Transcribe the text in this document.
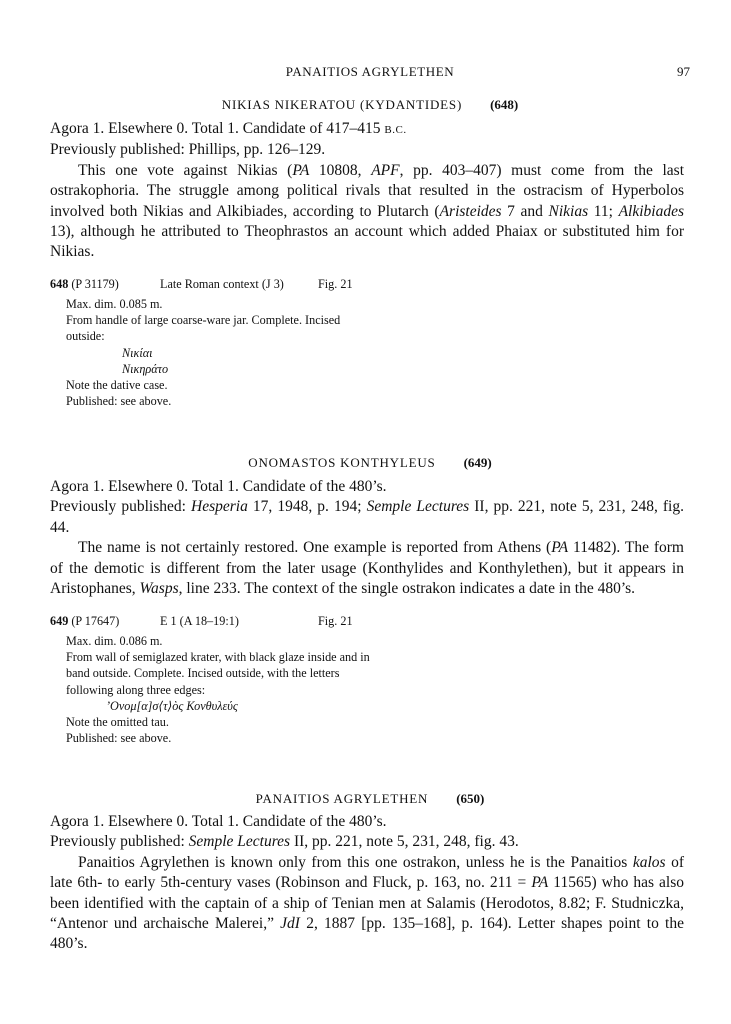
PANAITIOS AGRYLETHEN	97
NIKIAS NIKERATOU (KYDANTIDES) (648)

Agora 1. Elsewhere 0. Total 1. Candidate of 417–415 B.C.

Previously published: Phillips, pp. 126–129.

This one vote against Nikias (PA 10808, APF, pp. 403–407) must come from the last ostrakophoria. The struggle among political rivals that resulted in the ostracism of Hyperbolos involved both Nikias and Alkibiades, according to Plutarch (Aristeides 7 and Nikias 11; Alkibiades 13), although he attributed to Theophrastos an account which added Phaiax or substituted him for Nikias.

648 (P 31179)	Late Roman context (J 3)	Fig. 21
Max. dim. 0.085 m.
From handle of large coarse-ware jar. Complete. Incised outside:
Νικίαι
Νικηράτο
Note the dative case.
Published: see above.
ONOMASTOS KONTHYLEUS (649)

Agora 1. Elsewhere 0. Total 1. Candidate of the 480’s.

Previously published: Hesperia 17, 1948, p. 194; Semple Lectures II, pp. 221, note 5, 231, 248, fig. 44.

The name is not certainly restored. One example is reported from Athens (PA 11482). The form of the demotic is different from the later usage (Konthylides and Konthylethen), but it appears in Aristophanes, Wasps, line 233. The context of the single ostrakon indicates a date in the 480’s.

649 (P 17647)	E 1 (A 18–19:1)	Fig. 21
Max. dim. 0.086 m.
From wall of semiglazed krater, with black glaze inside and in band outside. Complete. Incised outside, with the letters following along three edges:
’Ονομ[α]σ⟨τ⟩ὸς Κονθυλεύς
Note the omitted tau.
Published: see above.
PANAITIOS AGRYLETHEN (650)

Agora 1. Elsewhere 0. Total 1. Candidate of the 480’s.

Previously published: Semple Lectures II, pp. 221, note 5, 231, 248, fig. 43.

Panaitios Agrylethen is known only from this one ostrakon, unless he is the Panaitios kalos of late 6th- to early 5th-century vases (Robinson and Fluck, p. 163, no. 211 = PA 11565) who has also been identified with the captain of a ship of Tenian men at Salamis (Herodotos, 8.82; F. Studniczka, “Antenor und archaische Malerei,” JdI 2, 1887 [pp. 135–168], p. 164). Letter shapes point to the 480’s.
